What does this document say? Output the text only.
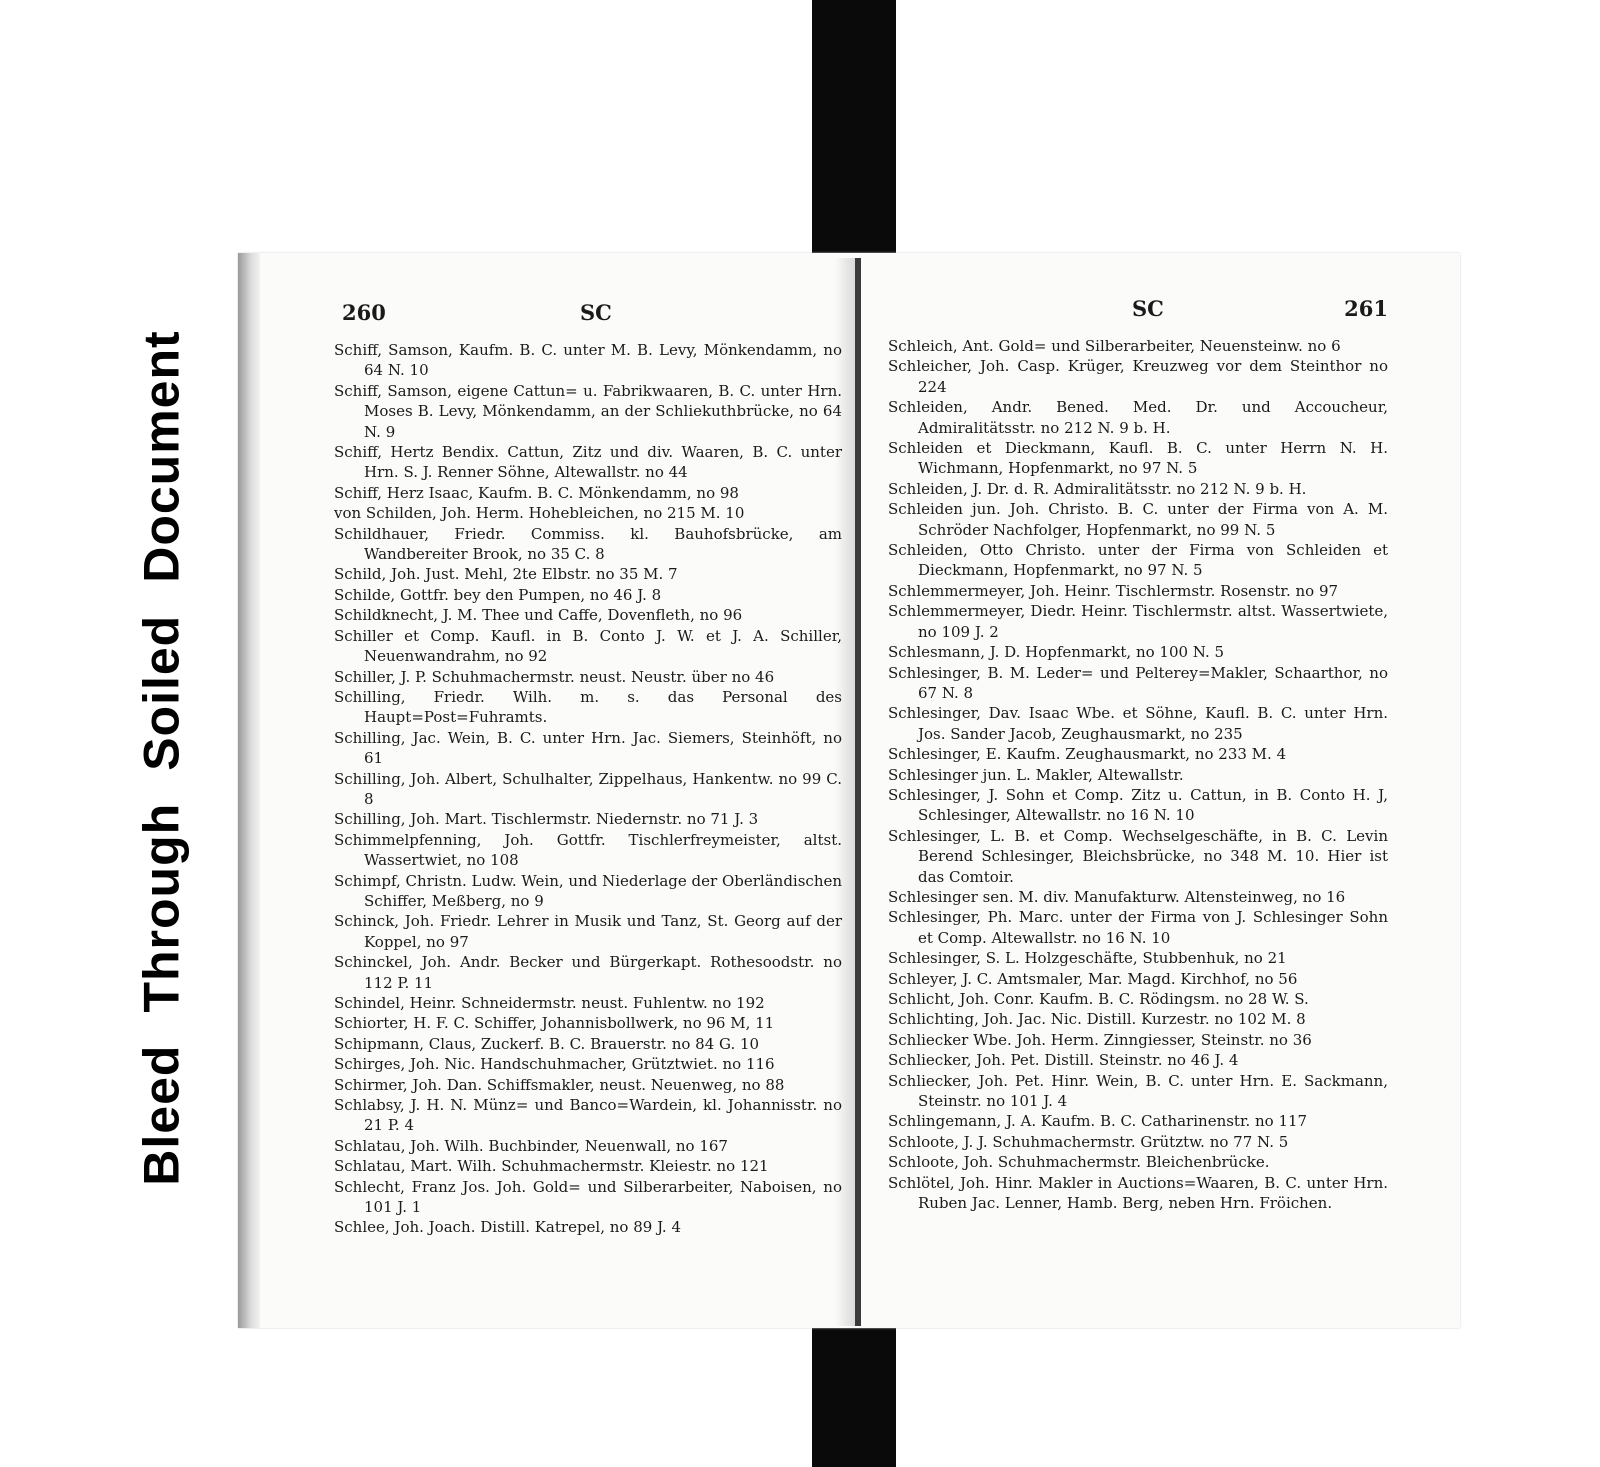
BleedThroughSoiledDocument
260	SC

Schiff, Samson, Kaufm. B. C. unter M. B. Levy, Mönkendamm, no 64 N. 10

Schiff, Samson, eigene Cattun= u. Fabrikwaaren, B. C. unter Hrn. Moses B. Levy, Mönkendamm, an der Schliekuthbrücke, no 64 N. 9

Schiff, Hertz Bendix. Cattun, Zitz und div. Waaren, B. C. unter Hrn. S. J. Renner Söhne, Altewallstr. no 44

Schiff, Herz Isaac, Kaufm. B. C. Mönkendamm, no 98

von Schilden, Joh. Herm. Hohebleichen, no 215 M. 10

Schildhauer, Friedr. Commiss. kl. Bauhofsbrücke, am Wandbereiter Brook, no 35 C. 8

Schild, Joh. Just. Mehl, 2te Elbstr. no 35 M. 7

Schilde, Gottfr. bey den Pumpen, no 46 J. 8

Schildknecht, J. M. Thee und Caffe, Dovenfleth, no 96

Schiller et Comp. Kaufl. in B. Conto J. W. et J. A. Schiller, Neuenwandrahm, no 92

Schiller, J. P. Schuhmachermstr. neust. Neustr. über no 46

Schilling, Friedr. Wilh. m. s. das Personal des Haupt=Post=Fuhramts.

Schilling, Jac. Wein, B. C. unter Hrn. Jac. Siemers, Steinhöft, no 61

Schilling, Joh. Albert, Schulhalter, Zippelhaus, Hankentw. no 99 C. 8

Schilling, Joh. Mart. Tischlermstr. Niedernstr. no 71 J. 3

Schimmelpfenning, Joh. Gottfr. Tischlerfreymeister, altst. Wassertwiet, no 108

Schimpf, Christn. Ludw. Wein, und Niederlage der Oberländischen Schiffer, Meßberg, no 9

Schinck, Joh. Friedr. Lehrer in Musik und Tanz, St. Georg auf der Koppel, no 97

Schinckel, Joh. Andr. Becker und Bürgerkapt. Rothesoodstr. no 112 P. 11

Schindel, Heinr. Schneidermstr. neust. Fuhlentw. no 192

Schiorter, H. F. C. Schiffer, Johannisbollwerk, no 96 M, 11

Schipmann, Claus, Zuckerf. B. C. Brauerstr. no 84 G. 10

Schirges, Joh. Nic. Handschuhmacher, Grütztwiet. no 116

Schirmer, Joh. Dan. Schiffsmakler, neust. Neuenweg, no 88

Schlabsy, J. H. N. Münz= und Banco=Wardein, kl. Johannisstr. no 21 P. 4

Schlatau, Joh. Wilh. Buchbinder, Neuenwall, no 167

Schlatau, Mart. Wilh. Schuhmachermstr. Kleiestr. no 121

Schlecht, Franz Jos. Joh. Gold= und Silberarbeiter, Naboisen, no 101 J. 1

Schlee, Joh. Joach. Distill. Katrepel, no 89 J. 4

SC	261

Schleich, Ant. Gold= und Silberarbeiter, Neuensteinw. no 6

Schleicher, Joh. Casp. Krüger, Kreuzweg vor dem Steinthor no 224

Schleiden, Andr. Bened. Med. Dr. und Accoucheur, Admiralitätsstr. no 212 N. 9 b. H.

Schleiden et Dieckmann, Kaufl. B. C. unter Herrn N. H. Wichmann, Hopfenmarkt, no 97 N. 5

Schleiden, J. Dr. d. R. Admiralitätsstr. no 212 N. 9 b. H.

Schleiden jun. Joh. Christo. B. C. unter der Firma von A. M. Schröder Nachfolger, Hopfenmarkt, no 99 N. 5

Schleiden, Otto Christo. unter der Firma von Schleiden et Dieckmann, Hopfenmarkt, no 97 N. 5

Schlemmermeyer, Joh. Heinr. Tischlermstr. Rosenstr. no 97

Schlemmermeyer, Diedr. Heinr. Tischlermstr. altst. Wassertwiete, no 109 J. 2

Schlesmann, J. D. Hopfenmarkt, no 100 N. 5

Schlesinger, B. M. Leder= und Pelterey=Makler, Schaarthor, no 67 N. 8

Schlesinger, Dav. Isaac Wbe. et Söhne, Kaufl. B. C. unter Hrn. Jos. Sander Jacob, Zeughausmarkt, no 235

Schlesinger, E. Kaufm. Zeughausmarkt, no 233 M. 4

Schlesinger jun. L. Makler, Altewallstr.

Schlesinger, J. Sohn et Comp. Zitz u. Cattun, in B. Conto H. J, Schlesinger, Altewallstr. no 16 N. 10

Schlesinger, L. B. et Comp. Wechselgeschäfte, in B. C. Levin Berend Schlesinger, Bleichsbrücke, no 348 M. 10. Hier ist das Comtoir.

Schlesinger sen. M. div. Manufakturw. Altensteinweg, no 16

Schlesinger, Ph. Marc. unter der Firma von J. Schlesinger Sohn et Comp. Altewallstr. no 16 N. 10

Schlesinger, S. L. Holzgeschäfte, Stubbenhuk, no 21

Schleyer, J. C. Amtsmaler, Mar. Magd. Kirchhof, no 56

Schlicht, Joh. Conr. Kaufm. B. C. Rödingsm. no 28 W. S.

Schlichting, Joh. Jac. Nic. Distill. Kurzestr. no 102 M. 8

Schliecker Wbe. Joh. Herm. Zinngiesser, Steinstr. no 36

Schliecker, Joh. Pet. Distill. Steinstr. no 46 J. 4

Schliecker, Joh. Pet. Hinr. Wein, B. C. unter Hrn. E. Sackmann, Steinstr. no 101 J. 4

Schlingemann, J. A. Kaufm. B. C. Catharinenstr. no 117

Schloote, J. J. Schuhmachermstr. Grütztw. no 77 N. 5

Schloote, Joh. Schuhmachermstr. Bleichenbrücke.

Schlötel, Joh. Hinr. Makler in Auctions=Waaren, B. C. unter Hrn. Ruben Jac. Lenner, Hamb. Berg, neben Hrn. Fröichen.
